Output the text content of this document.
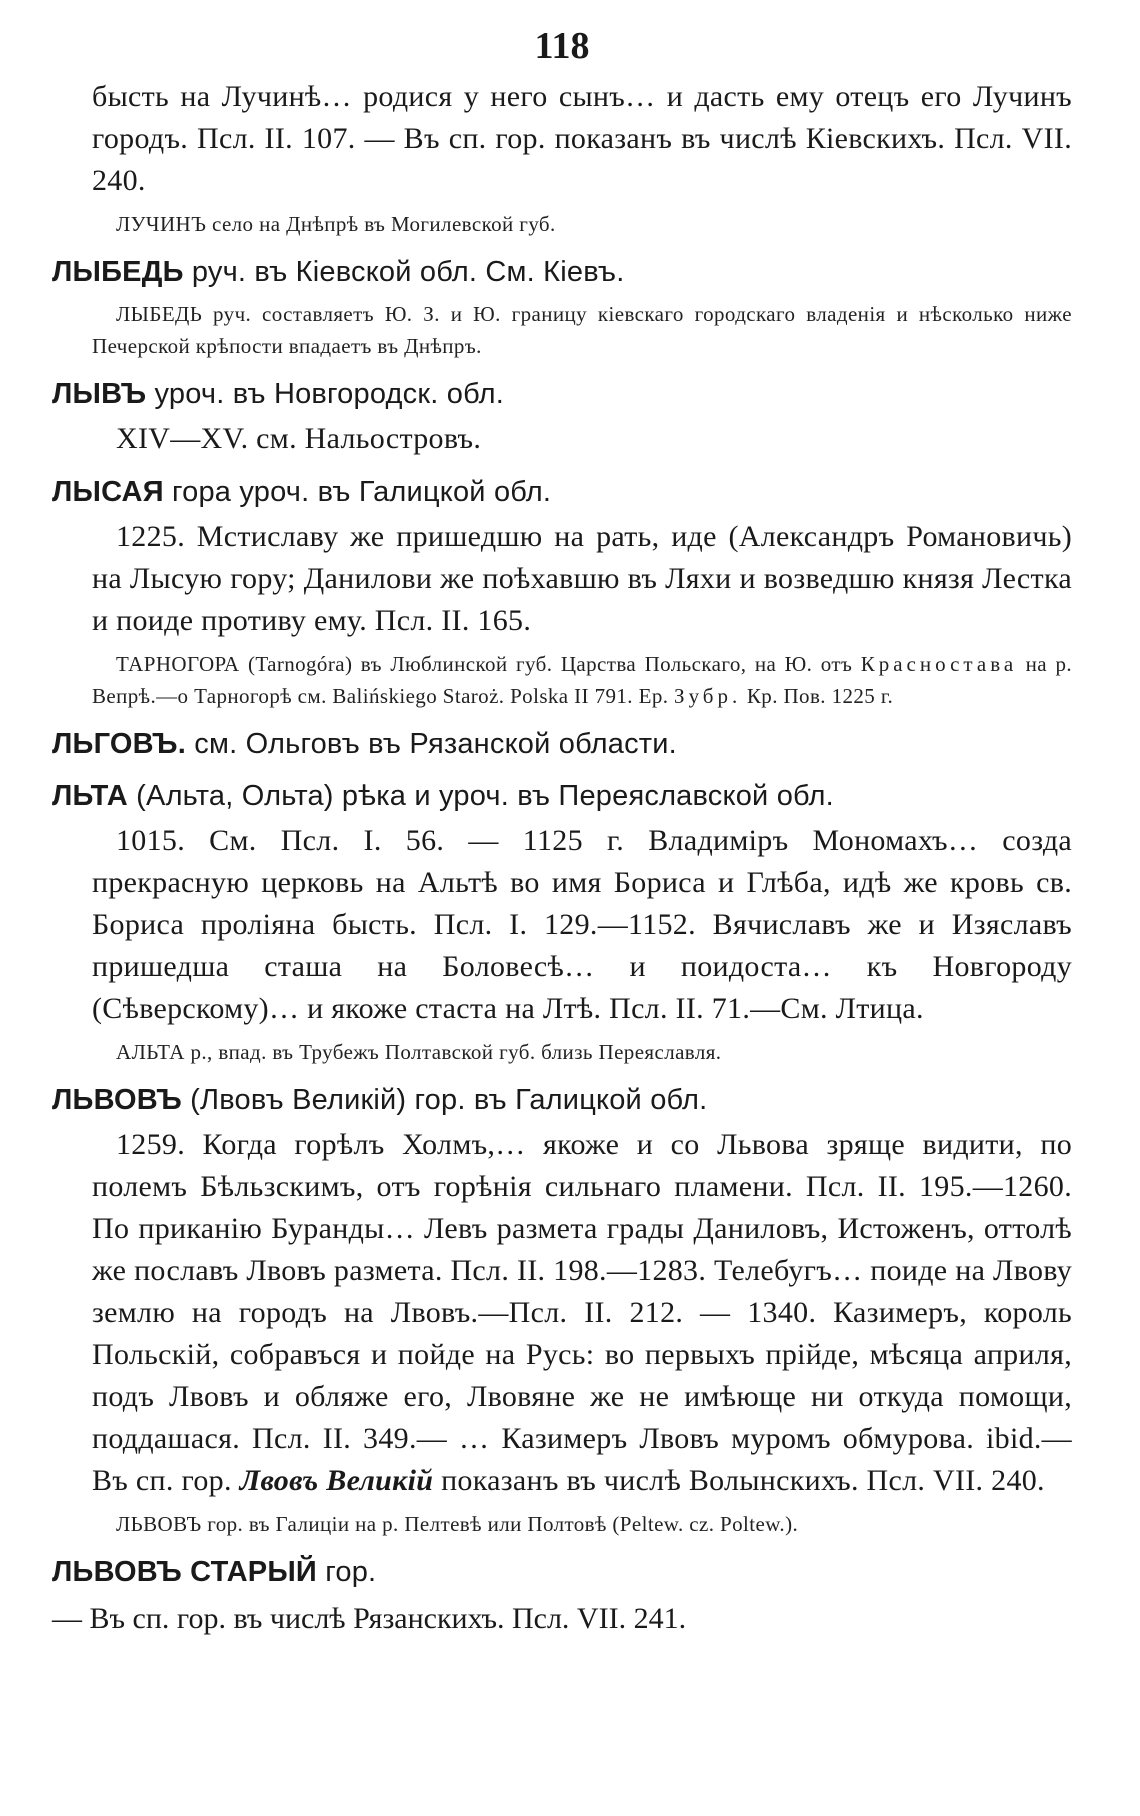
118

бысть на Лучинѣ… родися у него сынъ… и дасть ему отецъ его Лучинъ городъ. Псл. II. 107. — Въ сп. гор. показанъ въ числѣ Кіевскихъ. Псл. VII. 240.

ЛУЧИНЪ село на Днѣпрѣ въ Могилевской губ.

ЛЫБЕДЬ руч. въ Кіевской обл. См. Кіевъ.

ЛЫБЕДЬ руч. составляетъ Ю. З. и Ю. границу кіевскаго городскаго владенія и нѣсколько ниже Печерской крѣпости впадаетъ въ Днѣпръ.

ЛЫВЪ уроч. въ Новгородск. обл.

XIV—XV. см. Нальостровъ.

ЛЫСАЯ гора уроч. въ Галицкой обл.

1225. Мстиславу же пришедшю на рать, иде (Александръ Романовичь) на Лысую гору; Данилови же поѣхавшю въ Ляхи и возведшю князя Лестка и поиде противу ему. Псл. II. 165.

ТАРНОГОРА (Tarnogóra) въ Люблинской губ. Царства Польскаго, на Ю. отъ Красностава на р. Вепрѣ.—о Тарногорѣ см. Balińskiego Staroż. Polska II 791. Ер. Зубр. Кр. Пов. 1225 г.

ЛЬГОВЪ. см. Ольговъ въ Рязанской области.
ЛЬТА (Альта, Ольта) рѣка и уроч. въ Переяславской обл.

1015. См. Псл. I. 56. — 1125 г. Владимiръ Мономахъ… созда прекрасную церковь на Альтѣ во имя Бориса и Глѣба, идѣ же кровь св. Бориса проліяна бысть. Псл. I. 129.—1152. Вячиславъ же и Изяславъ пришедша сташа на Боловесѣ… и поидоста… къ Новгороду (Сѣверскому)… и якоже стаста на Лтѣ. Псл. II. 71.—См. Лтица.

АЛЬТА р., впад. въ Трубежъ Полтавской губ. близь Переяславля.

ЛЬВОВЪ (Лвовъ Великій) гор. въ Галицкой обл.

1259. Когда горѣлъ Холмъ,… якоже и со Львова зряще видити, по полемъ Бѣльзскимъ, отъ горѣнія сильнаго пламени. Псл. II. 195.—1260. По приканію Буранды… Левъ размета грады Даниловъ, Истоженъ, оттолѣ же пославъ Лвовъ размета. Псл. II. 198.—1283. Телебугъ… поиде на Лвову землю на городъ на Лвовъ.—Псл. II. 212. — 1340. Казимеръ, король Польскій, собравъся и пойде на Русь: во первыхъ прійде, мѣсяца априля, подъ Лвовъ и обляже его, Лвовяне же не имѣюще ни откуда помощи, поддашася. Псл. II. 349.— … Казимеръ Лвовъ муромъ обмурова. ibid.— Въ сп. гор. Лвовъ Великій показанъ въ числѣ Волынскихъ. Псл. VII. 240.

ЛЬВОВЪ гор. въ Галиціи на р. Пелтевѣ или Полтовѣ (Peltew. cz. Poltew.).

ЛЬВОВЪ СТАРЫЙ гор.
— Въ сп. гор. въ числѣ Рязанскихъ. Псл. VII. 241.
